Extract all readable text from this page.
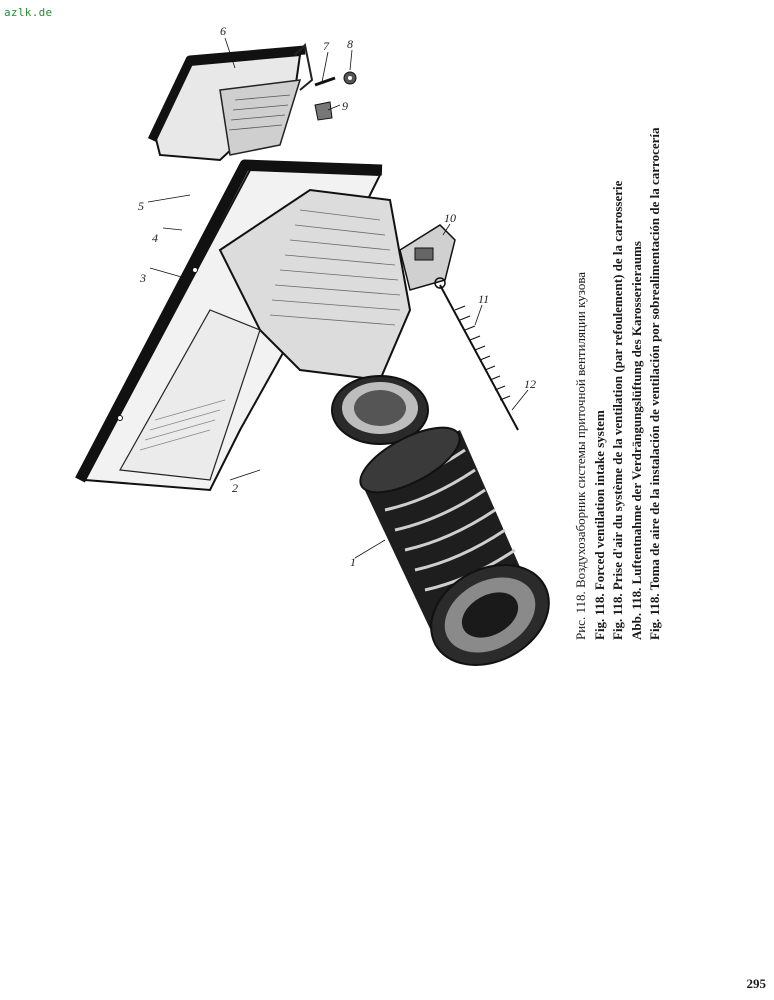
azlk.de
1
2
3
4
5
6
7 8
9
10
11
12	Рис. 118. Воздухозаборник системы приточной вентиляции кузова Fig. 118. Forced ventilation intake system Fig. 118. Prise d'air du système de la ventilation (par refoulement) de la carrosserie Abb. 118. Luftentnahme der Verdrängungslüftung des Karosserieraums Fig. 118. Toma de aire de la instalación de ventilación por sobrealimentación de la carrocería

295
